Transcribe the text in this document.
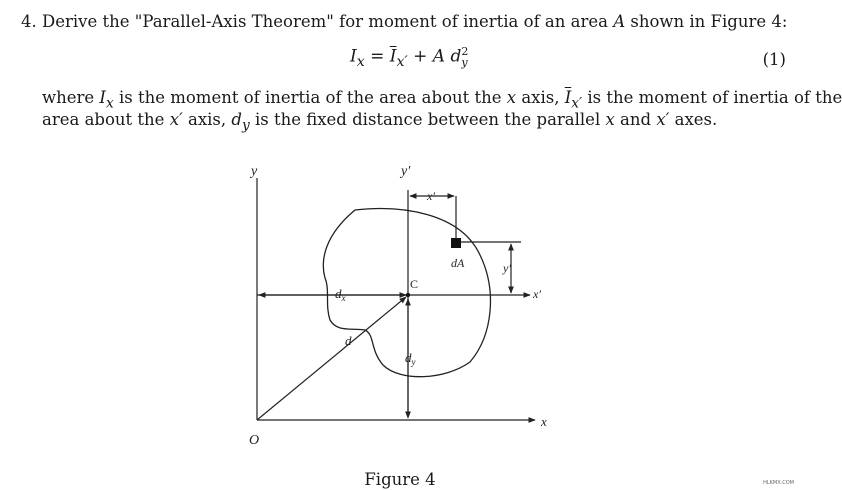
4. Derive the "Parallel-Axis Theorem" for moment of inertia of an area A shown in Figure 4:
$I_x = \overline{I}_{x'} + A$ d 2
y	(1)
where $I_x$ is the moment of inertia of the area about the x axis, $\overline{I}_{x'}$ is the moment of inertia of the
area about the x′ axis, $d_y$ is the fixed distance between the parallel x and x′ axes.
y	y′
x′
dA	y′
C
x′
$d_x$
d
$d_y$
x
O
Figure 4	HLKMX.COM
